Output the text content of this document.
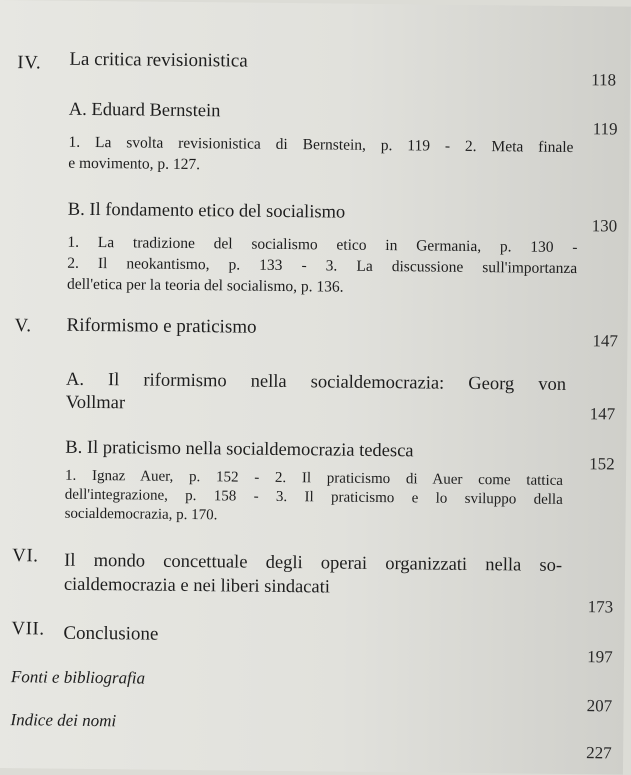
IV. La critica revisionistica
118
A. Eduard Bernstein
119
1. La svolta revisionistica di Bernstein, p. 119 - 2. Meta finale
e movimento, p. 127.
B. Il fondamento etico del socialismo
130
1. La tradizione del socialismo etico in Germania, p. 130 -
2. Il neokantismo, p. 133 - 3. La discussione sull'importanza
dell'etica per la teoria del socialismo, p. 136.
V. Riformismo e praticismo
147
A. Il riformismo nella socialdemocrazia: Georg von
Vollmar
147
B. Il praticismo nella socialdemocrazia tedesca
152
1. Ignaz Auer, p. 152 - 2. Il praticismo di Auer come tattica
dell'integrazione, p. 158 - 3. Il praticismo e lo sviluppo della
socialdemocrazia, p. 170.
VI. Il mondo concettuale degli operai organizzati nella so-
cialdemocrazia e nei liberi sindacati
173
VII. Conclusione
197
Fonti e bibliografia
207
Indice dei nomi
227
